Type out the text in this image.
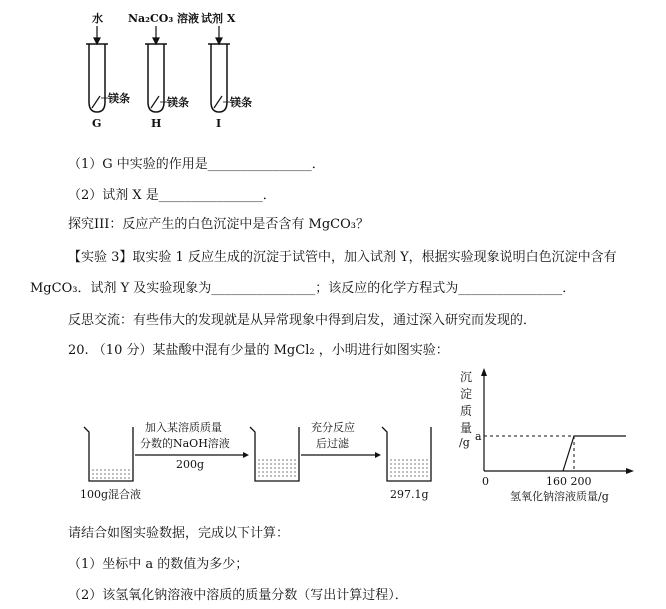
水 Na₂CO₃ 溶液 试剂 X
镁条	镁条	镁条
G	H	I
（1）G 中实验的作用是________________．
（2）试剂 X 是________________．
探究III：反应产生的白色沉淀中是否含有 MgCO₃？
【实验 3】取实验 1 反应生成的沉淀于试管中，加入试剂 Y，根据实验现象说明白色沉淀中含有
MgCO₃．试剂 Y 及实验现象为________________；该反应的化学方程式为________________．
反思交流：有些伟大的发现就是从异常现象中得到启发，通过深入研究而发现的．
20. （10 分）某盐酸中混有少量的 MgCl₂ ，小明进行如图实验：
100g混合液
加入某溶质质量
分数的NaOH溶液
200g
充分反应
后过滤
297.1g
沉
淀
质
量
/g a
0	160 200
氢氧化钠溶液质量/g
请结合如图实验数据，完成以下计算：
（1）坐标中 a 的数值为多少；
（2）该氢氧化钠溶液中溶质的质量分数（写出计算过程）．
